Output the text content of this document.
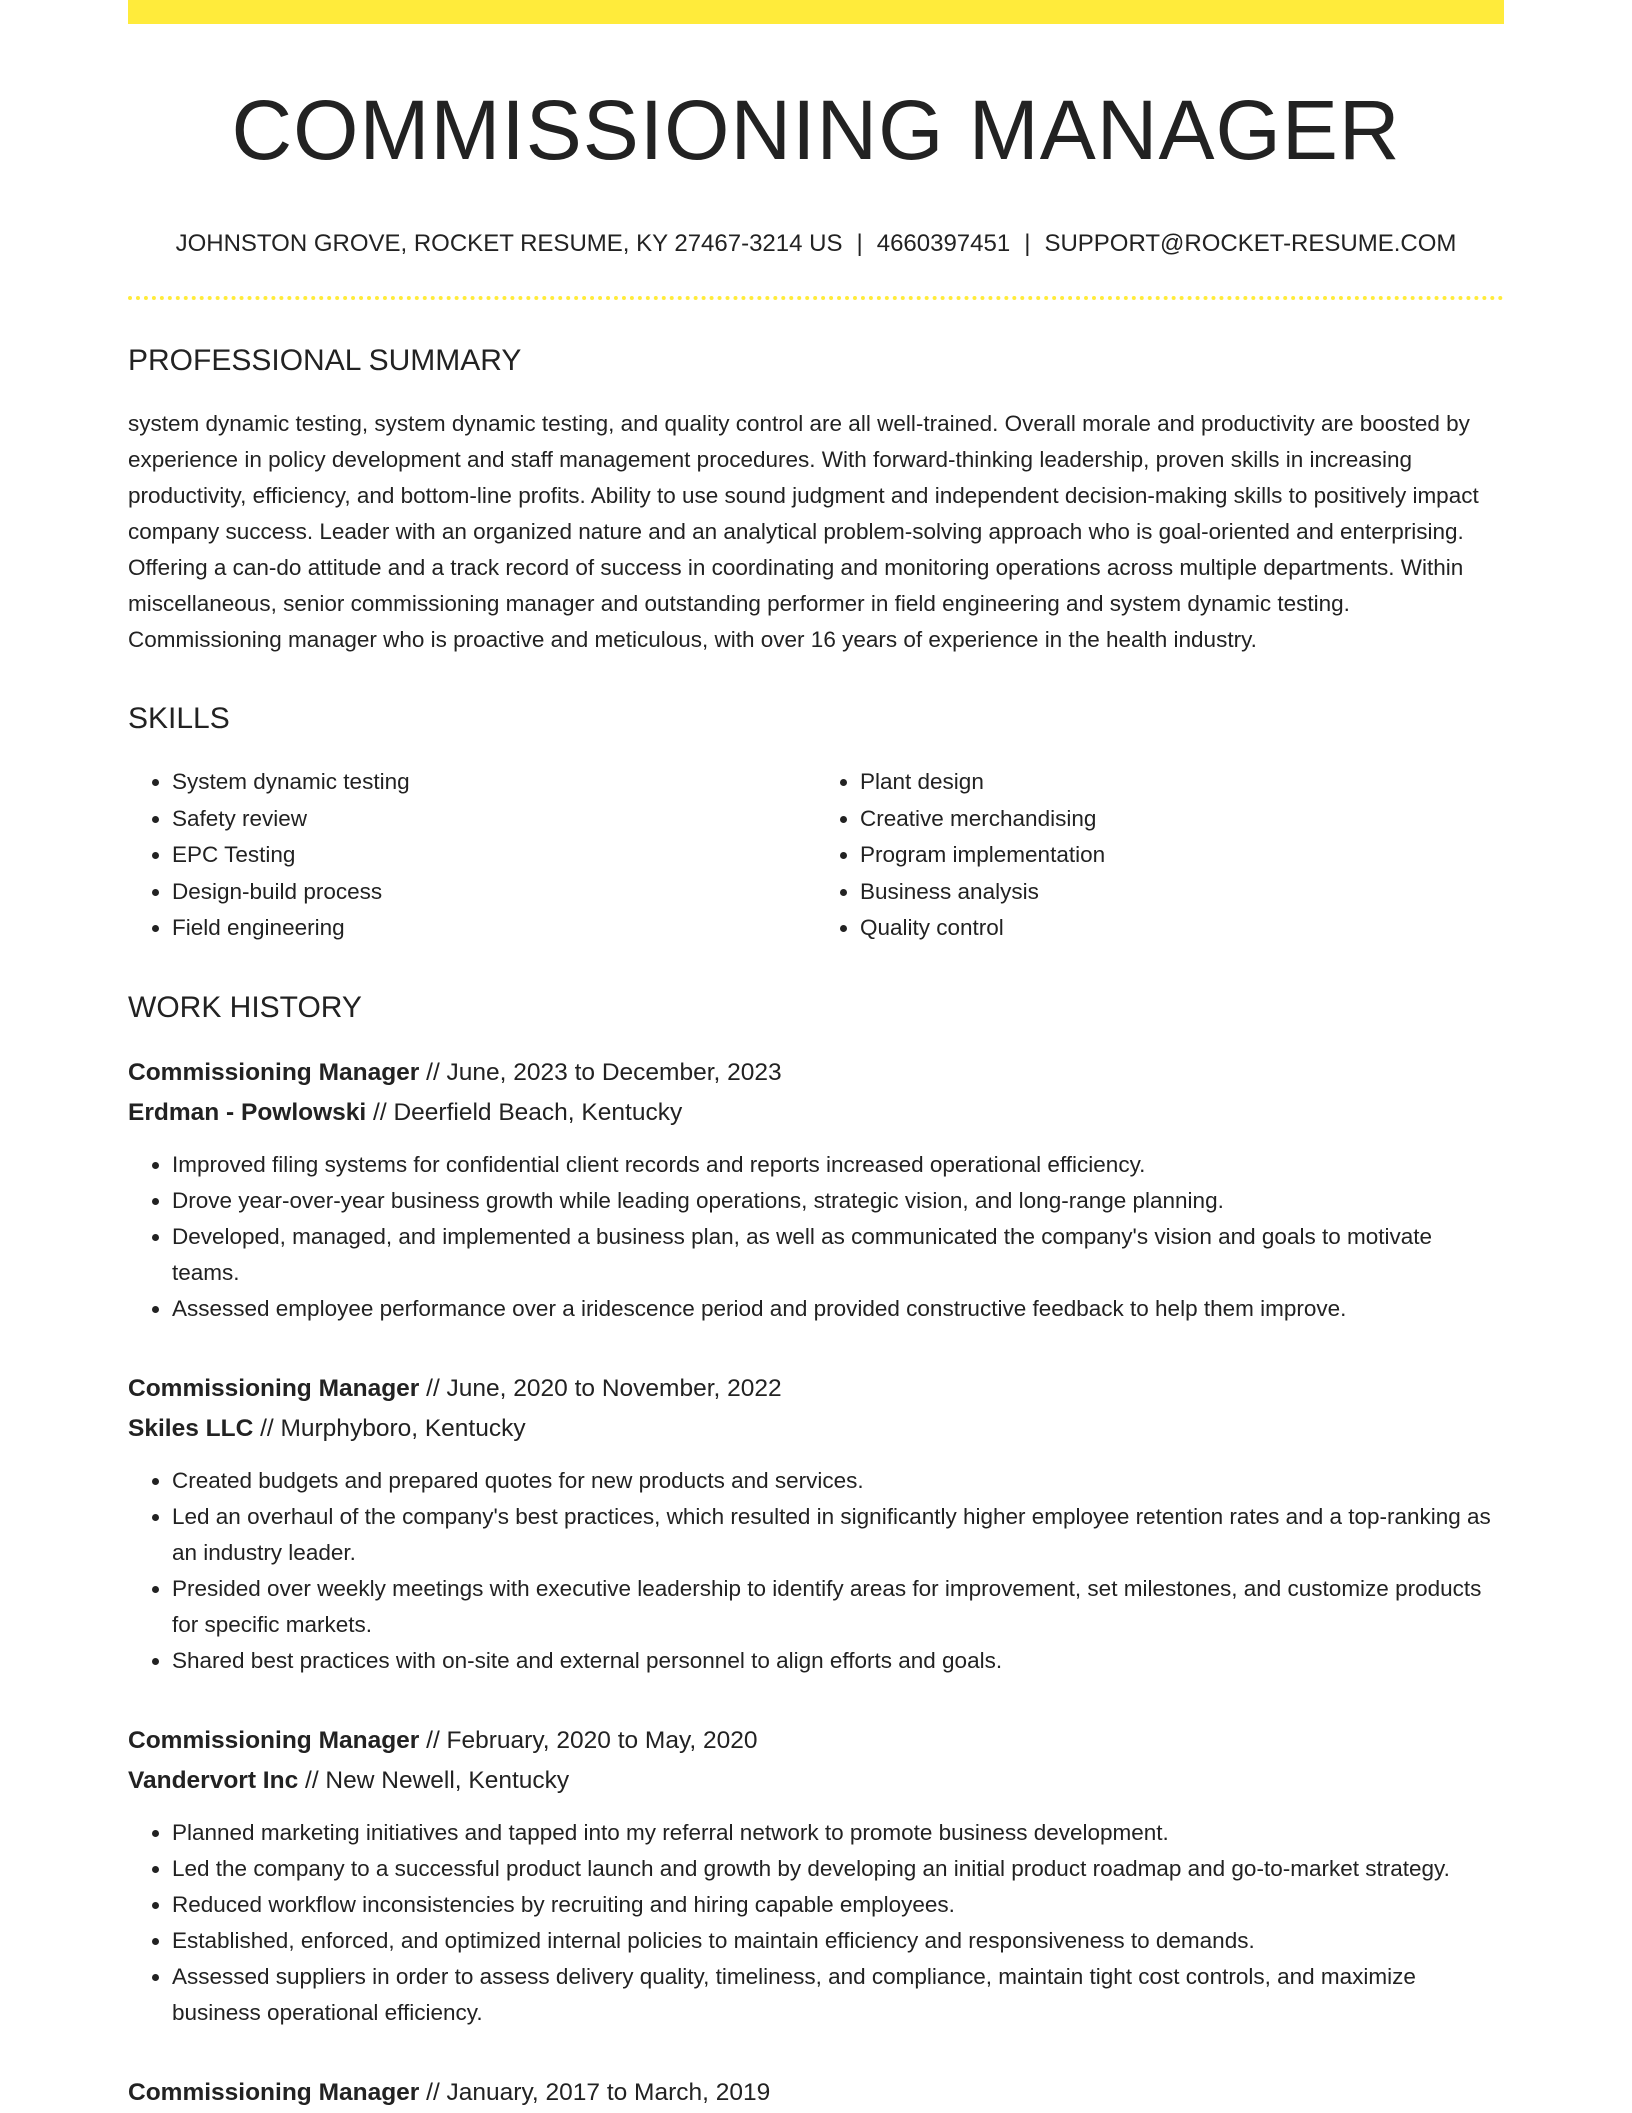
COMMISSIONING MANAGER
JOHNSTON GROVE, ROCKET RESUME, KY 27467-3214 US | 4660397451 | SUPPORT@ROCKET-RESUME.COM
PROFESSIONAL SUMMARY

system dynamic testing, system dynamic testing, and quality control are all well-trained. Overall morale and productivity are boosted by experience in policy development and staff management procedures. With forward-thinking leadership, proven skills in increasing productivity, efficiency, and bottom-line profits. Ability to use sound judgment and independent decision-making skills to positively impact company success. Leader with an organized nature and an analytical problem-solving approach who is goal-oriented and enterprising. Offering a can-do attitude and a track record of success in coordinating and monitoring operations across multiple departments. Within miscellaneous, senior commissioning manager and outstanding performer in field engineering and system dynamic testing. Commissioning manager who is proactive and meticulous, with over 16 years of experience in the health industry.

SKILLS
• System dynamic testing
• Safety review
• EPC Testing
• Design-build process
• Field engineering
• Plant design
• Creative merchandising
• Program implementation
• Business analysis
• Quality control
WORK HISTORY
Commissioning Manager // June, 2023 to December, 2023
Erdman - Powlowski // Deerfield Beach, Kentucky
• Improved filing systems for confidential client records and reports increased operational efficiency.
• Drove year-over-year business growth while leading operations, strategic vision, and long-range planning.
• Developed, managed, and implemented a business plan, as well as communicated the company's vision and goals to motivate teams.
• Assessed employee performance over a iridescence period and provided constructive feedback to help them improve.
Commissioning Manager // June, 2020 to November, 2022
Skiles LLC // Murphyboro, Kentucky
• Created budgets and prepared quotes for new products and services.
• Led an overhaul of the company's best practices, which resulted in significantly higher employee retention rates and a top-ranking as an industry leader.
• Presided over weekly meetings with executive leadership to identify areas for improvement, set milestones, and customize products for specific markets.
• Shared best practices with on-site and external personnel to align efforts and goals.
Commissioning Manager // February, 2020 to May, 2020
Vandervort Inc // New Newell, Kentucky
• Planned marketing initiatives and tapped into my referral network to promote business development.
• Led the company to a successful product launch and growth by developing an initial product roadmap and go-to-market strategy.
• Reduced workflow inconsistencies by recruiting and hiring capable employees.
• Established, enforced, and optimized internal policies to maintain efficiency and responsiveness to demands.
• Assessed suppliers in order to assess delivery quality, timeliness, and compliance, maintain tight cost controls, and maximize business operational efficiency.
Commissioning Manager // January, 2017 to March, 2019
